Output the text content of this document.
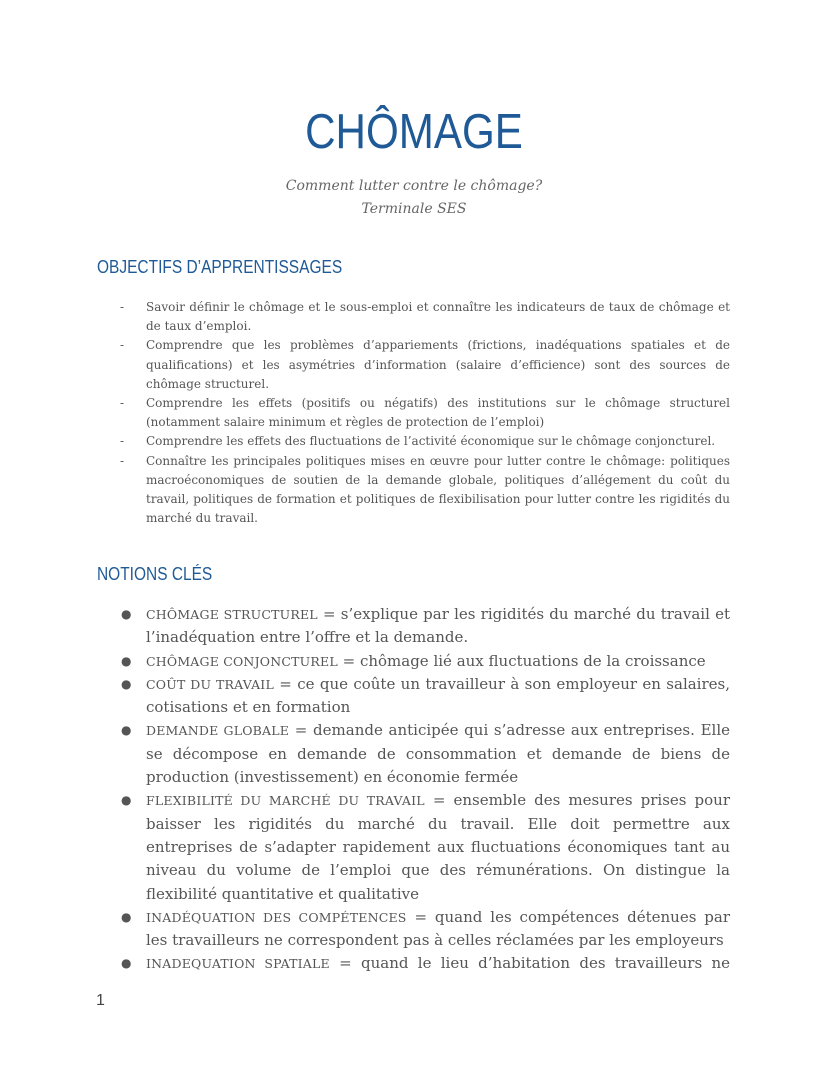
CHÔMAGE
Comment lutter contre le chômage?
Terminale SES
OBJECTIFS D’APPRENTISSAGES
- Savoir définir le chômage et le sous-emploi et connaître les indicateurs de taux de chômage et de taux d’emploi.
- Comprendre que les problèmes d’appariements (frictions, inadéquations spatiales et de qualifications) et les asymétries d’information (salaire d’efficience) sont des sources de chômage structurel.
- Comprendre les effets (positifs ou négatifs) des institutions sur le chômage structurel (notamment salaire minimum et règles de protection de l’emploi)
- Comprendre les effets des fluctuations de l’activité économique sur le chômage conjoncturel.
- Connaître les principales politiques mises en œuvre pour lutter contre le chômage: politiques macroéconomiques de soutien de la demande globale, politiques d’allégement du coût du travail, politiques de formation et politiques de flexibilisation pour lutter contre les rigidités du marché du travail.
NOTIONS CLÉS
● CHÔMAGE STRUCTUREL = s’explique par les rigidités du marché du travail et l’inadéquation entre l’offre et la demande.
● CHÔMAGE CONJONCTUREL = chômage lié aux fluctuations de la croissance
● COÛT DU TRAVAIL = ce que coûte un travailleur à son employeur en salaires, cotisations et en formation
● DEMANDE GLOBALE = demande anticipée qui s’adresse aux entreprises. Elle se décompose en demande de consommation et demande de biens de production (investissement) en économie fermée
● FLEXIBILITÉ DU MARCHÉ DU TRAVAIL = ensemble des mesures prises pour baisser les rigidités du marché du travail. Elle doit permettre aux entreprises de s’adapter rapidement aux fluctuations économiques tant au niveau du volume de l’emploi que des rémunérations. On distingue la flexibilité quantitative et qualitative
● INADÉQUATION DES COMPÉTENCES = quand les compétences détenues par les travailleurs ne correspondent pas à celles réclamées par les employeurs
● INADEQUATION SPATIALE = quand le lieu d’habitation des travailleurs ne
1
